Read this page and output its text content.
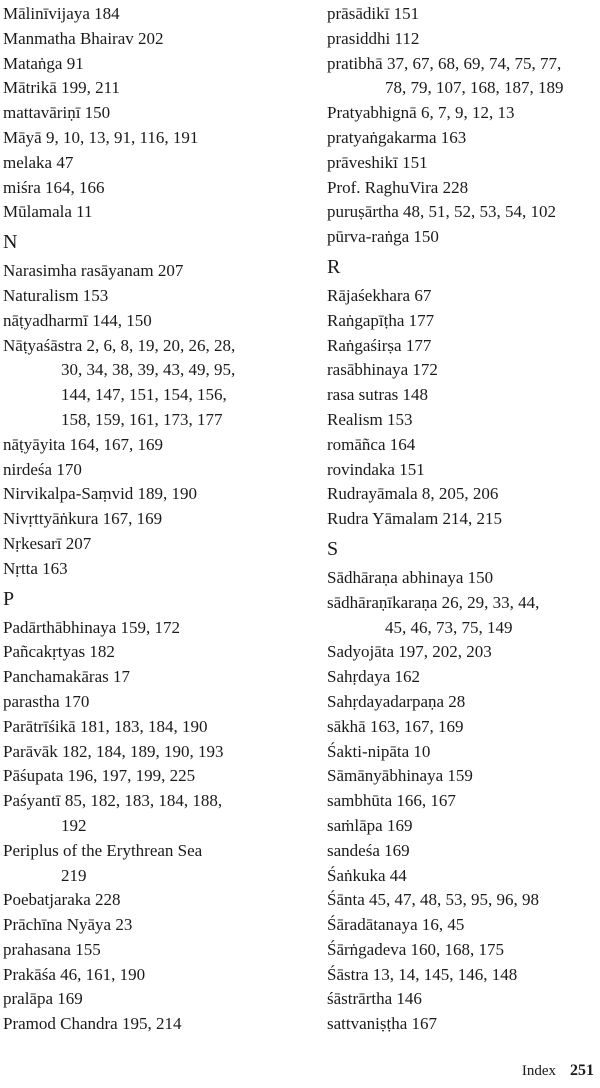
Mālinīvijaya 184
Manmatha Bhairav 202
Mataṅga 91
Mātrikā 199, 211
mattavāriṇī 150
Māyā 9, 10, 13, 91, 116, 191
melaka 47
miśra 164, 166
Mūlamala 11
N
Narasimha rasāyanam 207
Naturalism 153
nāṭyadharmī 144, 150
Nāṭyaśāstra 2, 6, 8, 19, 20, 26, 28,
30, 34, 38, 39, 43, 49, 95,
144, 147, 151, 154, 156,
158, 159, 161, 173, 177
nāṭyāyita 164, 167, 169
nirdeśa 170
Nirvikalpa-Saṃvid 189, 190
Nivṛttyāṅkura 167, 169
Nṛkesarī 207
Nṛtta 163
P
Padārthābhinaya 159, 172
Pañcakṛtyas 182
Panchamakāras 17
parastha 170
Parātrīśikā 181, 183, 184, 190
Parāvāk 182, 184, 189, 190, 193
Pāśupata 196, 197, 199, 225
Paśyantī 85, 182, 183, 184, 188,
192
Periplus of the Erythrean Sea
219
Poebatjaraka 228
Prāchīna Nyāya 23
prahasana 155
Prakāśa 46, 161, 190
pralāpa 169
Pramod Chandra 195, 214
prāsādikī 151
prasiddhi 112
pratibhā 37, 67, 68, 69, 74, 75, 77,
78, 79, 107, 168, 187, 189
Pratyabhignā 6, 7, 9, 12, 13
pratyaṅgakarma 163
prāveshikī 151
Prof. RaghuVira 228
puruṣārtha 48, 51, 52, 53, 54, 102
pūrva-raṅga 150
R
Rājaśekhara 67
Raṅgapīṭha 177
Raṅgaśirṣa 177
rasābhinaya 172
rasa sutras 148
Realism 153
romāñca 164
rovindaka 151
Rudrayāmala 8, 205, 206
Rudra Yāmalam 214, 215
S
Sādhāraṇa abhinaya 150
sādhāraṇīkaraṇa 26, 29, 33, 44,
45, 46, 73, 75, 149
Sadyojāta 197, 202, 203
Sahṛdaya 162
Sahṛdayadarpaṇa 28
sākhā 163, 167, 169
Śakti-nipāta 10
Sāmānyābhinaya 159
sambhūta 166, 167
saṁlāpa 169
sandeśa 169
Śaṅkuka 44
Śānta 45, 47, 48, 53, 95, 96, 98
Śāradātanaya 16, 45
Śārṅgadeva 160, 168, 175
Śāstra 13, 14, 145, 146, 148
śāstrārtha 146
sattvaniṣṭha 167
Index 251
